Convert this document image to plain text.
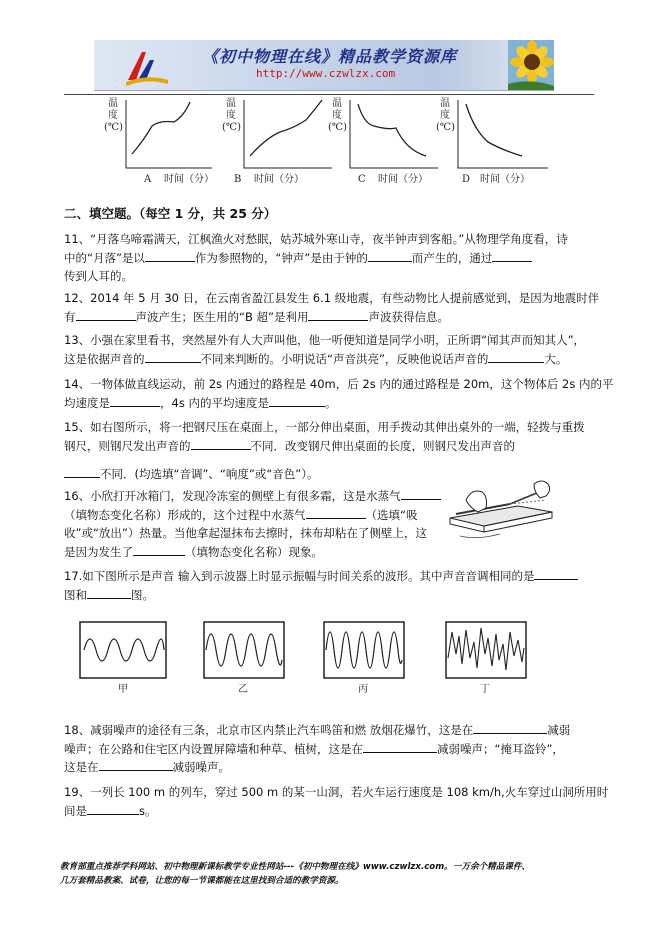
《初中物理在线》精品教学资源库
http://www.czwlzx.com
温
度
(℃)
A 时间（分）
温
度
(℃)
B 时间（分）
温
度
(℃)
C 时间（分）
温
度
(℃)
D 时间（分）
二、填空题。（每空 1 分，共 25 分）

11、“月落乌啼霜满天，江枫渔火对愁眠，姑苏城外寒山寺，夜半钟声到客船。”从物理学角度看，诗

中的“月落”是以	作为参照物的，“钟声”是由于钟的	而产生的，通过

传到人耳的。

12、2014 年 5 月 30 日，在云南省盈江县发生 6.1 级地震，有些动物比人提前感觉到，是因为地震时伴

有	声波产生；医生用的“B 超”是利用	声波获得信息。

13、小强在家里看书，突然屋外有人大声叫他，他一听便知道是同学小明，正所谓“闻其声而知其人”，

这是依据声音的	不同来判断的。小明说话“声音洪亮”，反映他说话声音的	大。

14、一物体做直线运动，前 2s 内通过的路程是 40m，后 2s 内的通过路程是 20m，这个物体后 2s 内的平

均速度是	，4s 内的平均速度是	。

15、如右图所示，将一把钢尺压在桌面上，一部分伸出桌面，用手拨动其伸出桌外的一端，轻拨与重拨

钢尺，则钢尺发出声音的	不同．改变钢尺伸出桌面的长度，则钢尺发出声音的

不同．(均选填“音调”、“响度”或“音色”）。

16、小欣打开冰箱门，发现冷冻室的侧壁上有很多霜，这是水蒸气

（填物态变化名称）形成的，这个过程中水蒸气	（选填“吸

收”或“放出”）热量。当他拿起湿抹布去擦时，抹布却粘在了侧壁上，这

是因为发生了	（填物态变化名称）现象。

17.如下图所示是声音 输入到示波器上时显示振幅与时间关系的波形。其中声音音调相同的是

图和	图。

甲	乙	丙	丁

18、减弱噪声的途径有三条，北京市区内禁止汽车鸣笛和燃 放烟花爆竹，这是在	减弱

噪声；在公路和住宅区内设置屏障墙和种草、植树，这是在	减弱噪声；“掩耳盗铃”，

这是在	减弱噪声。

19、一列长 100 m 的列车，穿过 500 m 的某一山洞，若火车运行速度是 108 km/h,火车穿过山洞所用时

间是	s。

教育部重点推荐学科网站、初中物理新课标教学专业性网站---《初中物理在线》www.czwlzx.com。一万余个精品课件、

几万套精品教案、试卷，让您的每一节课都能在这里找到合适的教学资源。
